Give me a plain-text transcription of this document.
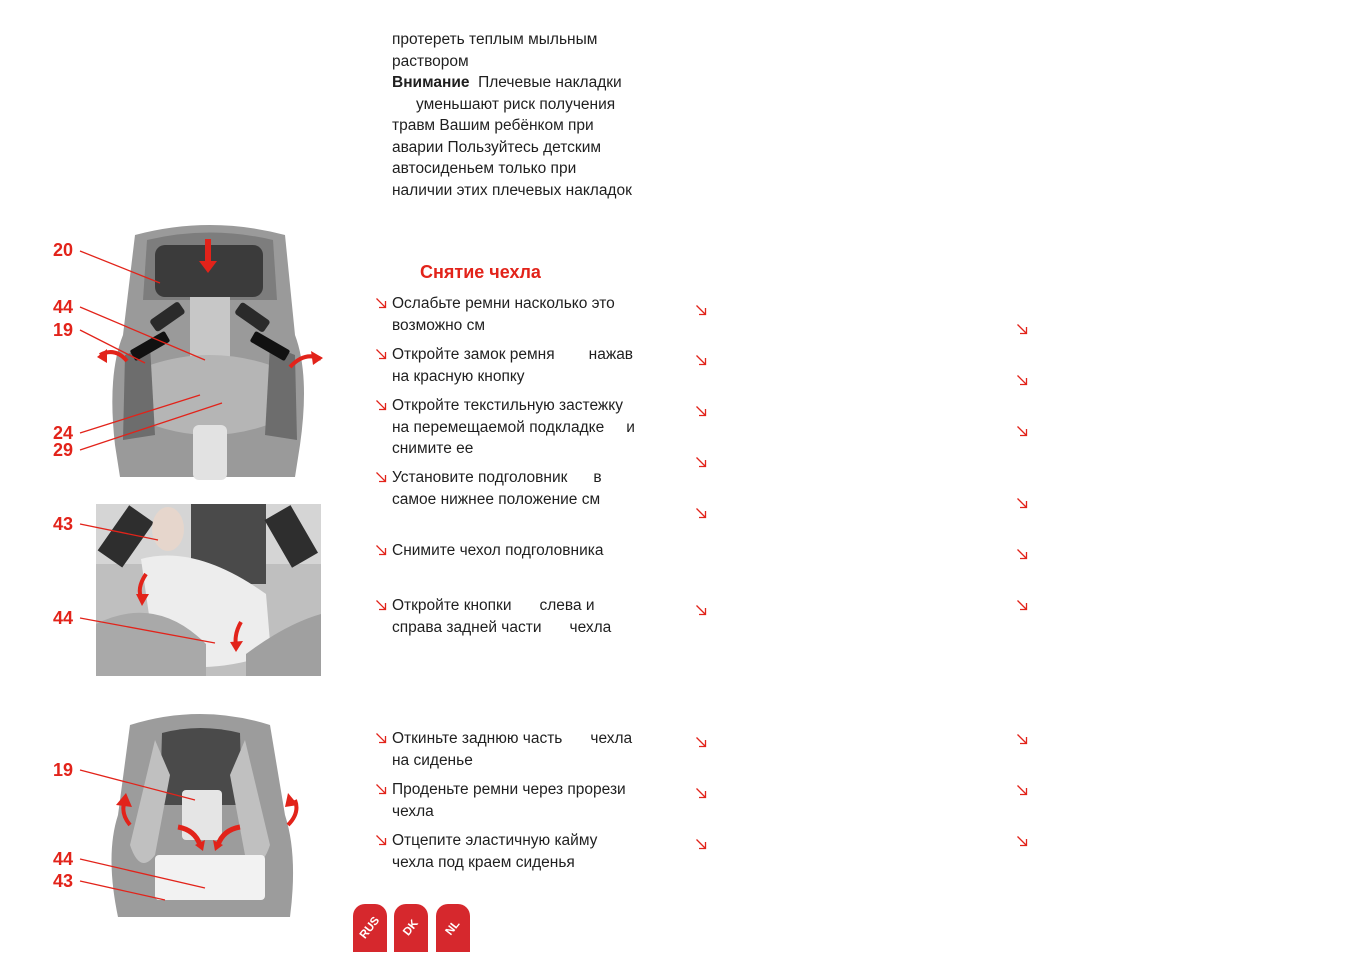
протереть теплым мыльным
раствором
Внимание Плечевые накладки
уменьшают риск получения
травм Вашим ребёнком при
аварии Пользуйтесь детским
автосиденьем только при
наличии этих плечевых накладок
Снятие чехла
Ослабьте ремни насколько это
возможно см
Откройте замок ремня нажав
на красную кнопку
Откройте текстильную застежку
на перемещаемой подкладке и
снимите ее
Установите подголовник в
самое нижнее положение см
Снимите чехол подголовника
Откройте кнопки слева и
справа задней части чехла
Откиньте заднюю часть чехла
на сиденье
Проденьте ремни через прорези
чехла
Отцепите эластичную кайму
чехла под краем сиденья
20
44
19
24
29
43
44
19
44
43
RUS DK NL
